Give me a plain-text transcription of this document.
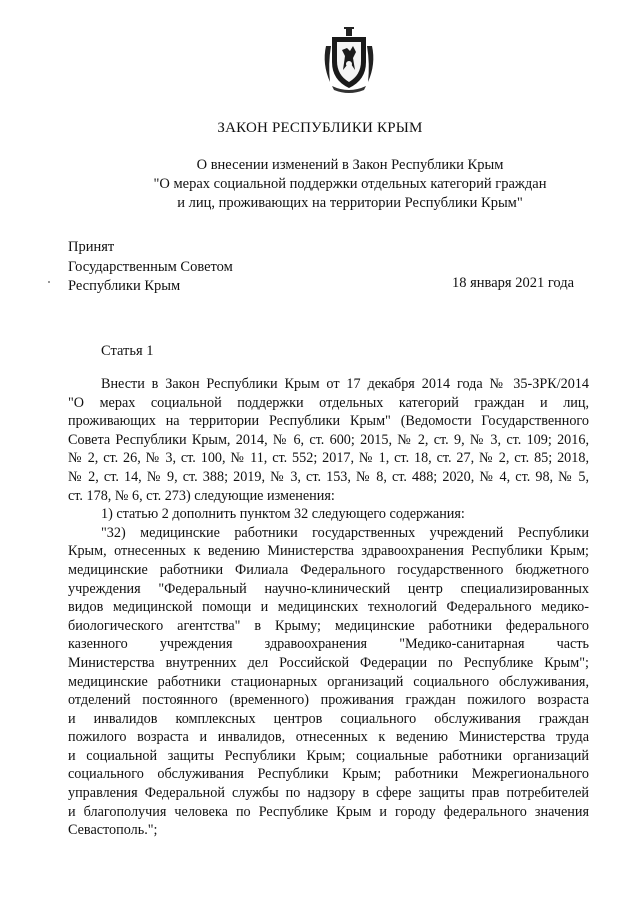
ЗАКОН РЕСПУБЛИКИ КРЫМ
О внесении изменений в Закон Республики Крым
"О мерах социальной поддержки отдельных категорий граждан
и лиц, проживающих на территории Республики Крым"
Принят
Государственным Советом
Республики Крым	18 января 2021 года
Статья 1
Внести в Закон Республики Крым от 17 декабря 2014 года № 35-ЗРК/2014
"О мерах социальной поддержки отдельных категорий граждан и лиц,
проживающих на территории Республики Крым" (Ведомости Государственного
Совета Республики Крым, 2014, № 6, ст. 600; 2015, № 2, ст. 9, № 3, ст. 109; 2016,
№ 2, ст. 26, № 3, ст. 100, № 11, ст. 552; 2017, № 1, ст. 18, ст. 27, № 2, ст. 85; 2018,
№ 2, ст. 14, № 9, ст. 388; 2019, № 3, ст. 153, № 8, ст. 488; 2020, № 4, ст. 98, № 5,
ст. 178, № 6, ст. 273) следующие изменения:
1) статью 2 дополнить пунктом 32 следующего содержания:
"32) медицинские работники государственных учреждений Республики
Крым, отнесенных к ведению Министерства здравоохранения Республики Крым;
медицинские работники Филиала Федерального государственного бюджетного
учреждения "Федеральный научно-клинический центр специализированных
видов медицинской помощи и медицинских технологий Федерального медико-
биологического агентства" в Крыму; медицинские работники федерального
казенного учреждения здравоохранения "Медико-санитарная часть
Министерства внутренних дел Российской Федерации по Республике Крым";
медицинские работники стационарных организаций социального обслуживания,
отделений постоянного (временного) проживания граждан пожилого возраста
и инвалидов комплексных центров социального обслуживания граждан
пожилого возраста и инвалидов, отнесенных к ведению Министерства труда
и социальной защиты Республики Крым; социальные работники организаций
социального обслуживания Республики Крым; работники Межрегионального
управления Федеральной службы по надзору в сфере защиты прав потребителей
и благополучия человека по Республике Крым и городу федерального значения
Севастополь.";
